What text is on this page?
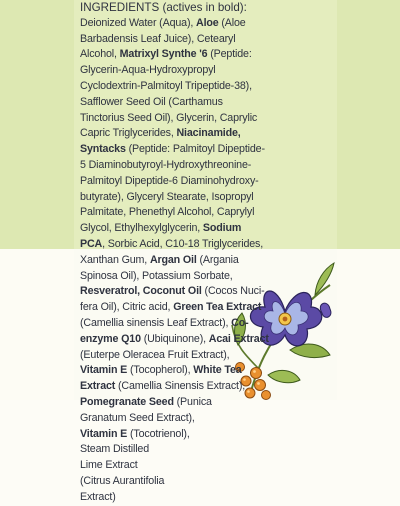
INGREDIENTS (actives in bold):
Deionized Water (Aqua), Aloe (Aloe
Barbadensis Leaf Juice), Cetearyl
Alcohol, Matrixyl Synthe '6 (Peptide:
Glycerin-Aqua-Hydroxypropyl
Cyclodextrin-Palmitoyl Tripeptide-38),
Safflower Seed Oil (Carthamus
Tinctorius Seed Oil), Glycerin, Caprylic
Capric Triglycerides, Niacinamide,
Syntacks (Peptide: Palmitoyl Dipeptide-
5 Diaminobutyroyl-Hydroxythreonine-
Palmitoyl Dipeptide-6 Diaminohydroxy-
butyrate), Glyceryl Stearate, Isopropyl
Palmitate, Phenethyl Alcohol, Caprylyl
Glycol, Ethylhexylglycerin, Sodium
PCA, Sorbic Acid, C10-18 Triglycerides,
Xanthan Gum, Argan Oil (Argania
Spinosa Oil), Potassium Sorbate,
Resveratrol, Coconut Oil (Cocos Nuci-
fera Oil), Citric acid, Green Tea Extract
(Camellia sinensis Leaf Extract), Co-
enzyme Q10 (Ubiquinone), Acai Extract
(Euterpe Oleracea Fruit Extract),
Vitamin E (Tocopherol), White Tea
Extract (Camellia Sinensis Extract),
Pomegranate Seed (Punica
Granatum Seed Extract),
Vitamin E (Tocotrienol),
Steam Distilled
Lime Extract
(Citrus Aurantifolia
Extract)
